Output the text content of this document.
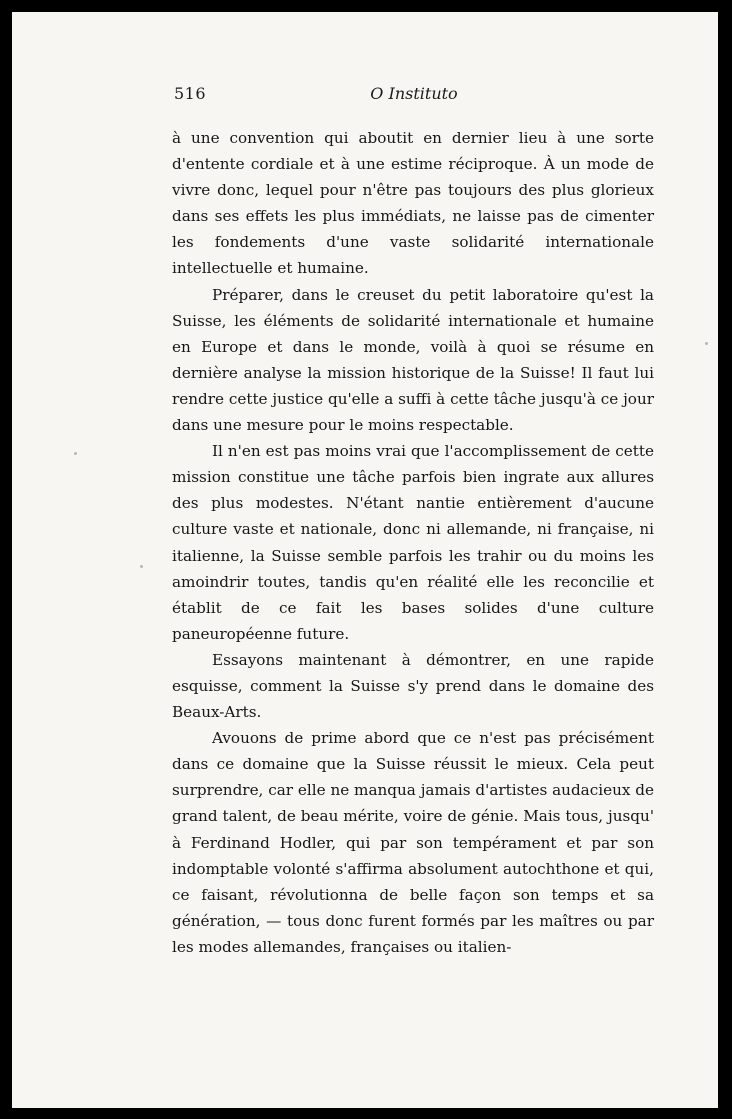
516	O Instituto

à une convention qui aboutit en dernier lieu à une sorte d'entente cordiale et à une estime réciproque. À un mode de vivre donc, lequel pour n'être pas toujours des plus glorieux dans ses effets les plus immédiats, ne laisse pas de cimenter les fondements d'une vaste solidarité internationale intellectuelle et humaine.

Préparer, dans le creuset du petit laboratoire qu'est la Suisse, les éléments de solidarité internationale et humaine en Europe et dans le monde, voilà à quoi se résume en dernière analyse la mission historique de la Suisse! Il faut lui rendre cette justice qu'elle a suffi à cette tâche jusqu'à ce jour dans une mesure pour le moins respectable.

Il n'en est pas moins vrai que l'accomplissement de cette mission constitue une tâche parfois bien ingrate aux allures des plus modestes. N'étant nantie entièrement d'aucune culture vaste et nationale, donc ni allemande, ni française, ni italienne, la Suisse semble parfois les trahir ou du moins les amoindrir toutes, tandis qu'en réalité elle les reconcilie et établit de ce fait les bases solides d'une culture paneuropéenne future.

Essayons maintenant à démontrer, en une rapide esquisse, comment la Suisse s'y prend dans le domaine des Beaux-Arts.

Avouons de prime abord que ce n'est pas précisément dans ce domaine que la Suisse réussit le mieux. Cela peut surprendre, car elle ne manqua jamais d'artistes audacieux de grand talent, de beau mérite, voire de génie. Mais tous, jusqu' à Ferdinand Hodler, qui par son tempérament et par son indomptable volonté s'affirma absolument autochthone et qui, ce faisant, révolutionna de belle façon son temps et sa génération, — tous donc furent formés par les maîtres ou par les modes allemandes, françaises ou italien-
